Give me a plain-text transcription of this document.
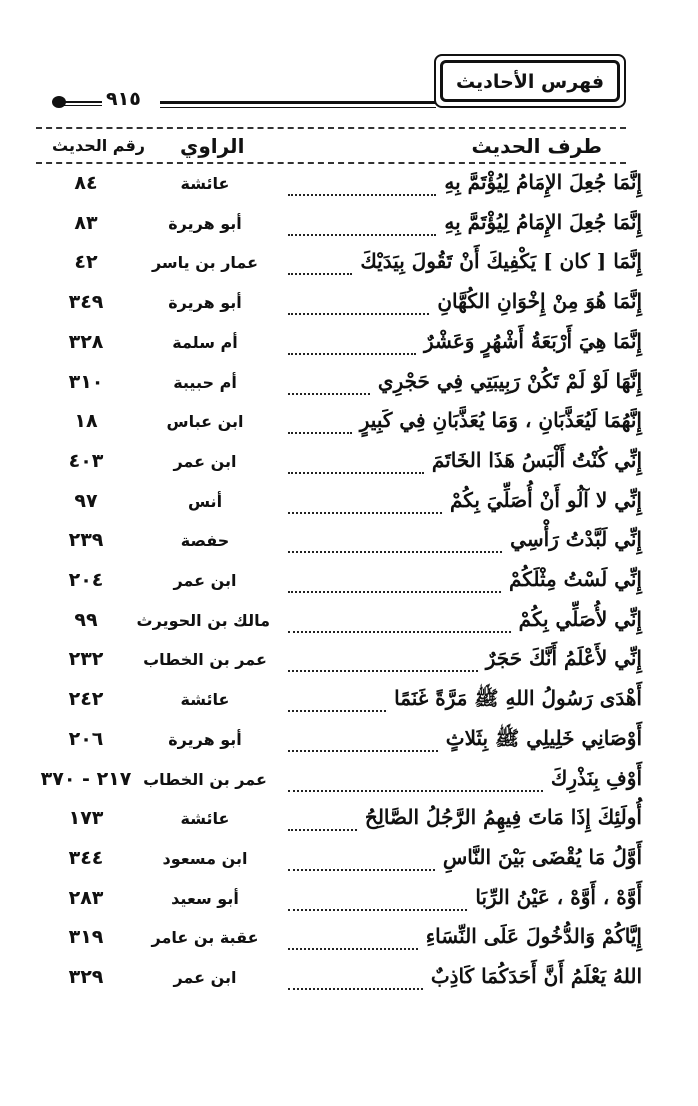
فهرس الأحاديث
٩١٥
طرف الحديث
الراوي
رقم الحديث
إِنَّمَا جُعِلَ الإِمَامُ لِيُؤْتَمَّ بِهِ
عائشة
٨٤
إِنَّمَا جُعِلَ الإِمَامُ لِيُؤْتَمَّ بِهِ
أبو هريرة
٨٣
إِنَّمَا [ كان ] يَكْفِيكَ أَنْ تَقُولَ بِيَدَيْكَ
عمار بن ياسر
٤٢
إِنَّمَا هُوَ مِنْ إِخْوَانِ الكُهَّانِ
أبو هريرة
٣٤٩
إِنَّمَا هِيَ أَرْبَعَةُ أَشْهُرٍ وَعَشْرٌ
أم سلمة
٣٢٨
إِنَّهَا لَوْ لَمْ تَكُنْ رَبِيبَتِي فِي حَجْرِي
أم حبيبة
٣١٠
إِنَّهُمَا لَيُعَذَّبَانِ ، وَمَا يُعَذَّبَانِ فِي كَبِيرٍ
ابن عباس
١٨
إِنِّي كُنْتُ أَلْبَسُ هَذَا الخَاتَمَ
ابن عمر
٤٠٣
إِنِّي لا آلُو أَنْ أُصَلِّيَ بِكُمْ
أنس
٩٧
إِنِّي لَبَّدْتُ رَأْسِي
حفصة
٢٣٩
إِنِّي لَسْتُ مِثْلَكُمْ
ابن عمر
٢٠٤
إِنِّي لأُصَلِّي بِكُمْ
مالك بن الحويرث
٩٩
إِنِّي لأَعْلَمُ أَنَّكَ حَجَرٌ
عمر بن الخطاب
٢٣٢
أَهْدَى رَسُولُ اللهِ ﷺ مَرَّةً غَنَمًا
عائشة
٢٤٢
أَوْصَانِي خَلِيلِي ﷺ بِثَلاثٍ
أبو هريرة
٢٠٦
أَوْفِ بِنَذْرِكَ
عمر بن الخطاب
٢١٧ - ٣٧٠
أُولَئِكَ إِذَا مَاتَ فِيهِمُ الرَّجُلُ الصَّالِحُ
عائشة
١٧٣
أَوَّلُ مَا يُقْضَى بَيْنَ النَّاسِ
ابن مسعود
٣٤٤
أَوَّهْ ، أَوَّهْ ، عَيْنُ الرِّبَا
أبو سعيد
٢٨٣
إِيَّاكُمْ وَالدُّخُولَ عَلَى النِّسَاءِ
عقبة بن عامر
٣١٩
اللهُ يَعْلَمُ أَنَّ أَحَدَكُمَا كَاذِبٌ
ابن عمر
٣٢٩
